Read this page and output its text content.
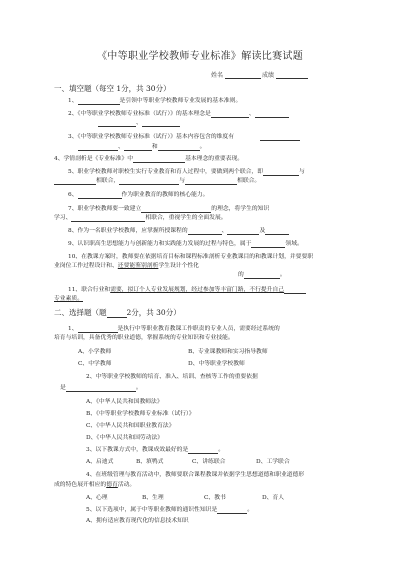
《中等职业学校教师专业标准》解读比赛试题
姓名	成绩
一、填空题（每空 1分，共 30分）
1、	是引领中等职业学校教师专业发展的基本准则。
2、《中等职业学校教师专业标准（试行）》的基本理念是	、
、
3、《中等职业学校教师专业标准（试行）》基本内容包含的维度有
、	和	。
4、学情剖析是《专业标准》中	基本理念的重要表现。
5、职业学校教师对职校生实行专业教育和育人过程中，要做到两个联合，即	与
相联合，	与	相联合。
6、	作为职业教育的教师的核心能力。
7、职业学校教师要一致建立	的理念，将学生的知识
学习、	相联合，重视学生的全面发展。
8、作为一名职业学校教师，应掌握所授课程的	、	及
9、认识职高生思想能力与创新能力和实践能力发展的过程与特色，属于	领域。
10、在教课方案时，教师要在依据培育目标和课程标准剖析专业教课目的和教课计划，并要要职
业岗位工作过程设计和、还要能鉴别剖析学生设计个性化
的	。
11、联合行业和需要，拟订个人专业发展规划，经过参加等丰富门路，不行提升自己
专业素质。
二、选择题（题	2分，共 30分）
1、	是执行中等职业教育教课工作职责的专业人员，需要经过系统的
培育与培训，具备优秀的职业道德，掌握系统的专业知识和专业技能。
A、小学教师	B、专业课教师和实习指导教师
C、中学教师	D、中等职业学校教师
2、中等职业学校教师的培育、准入、培训、查核等工作的重要依据
是	。
A、《中华人民共和国教师法》
B、《中等职业学校教师专业标准（试行）》
C、《中华人民共和国职业教育法》
D、《中华人民共和国劳动法》
3、以下教课方式中，教课成效最好的是	。
A、启迪式	B、填鸭式	C、讲练联合	D、工学联合
4、在班级管理与教育活动中，教师要联合课程教课并依据学生思想道德和职业道德形
成的特色展开相应的德育活动。
A、心理	B、生理	C、教书	D、育人
5、以下选项中，属于中等职业教师的通识性知识是	。
A、拥有适应教育现代化的信息技术知识
